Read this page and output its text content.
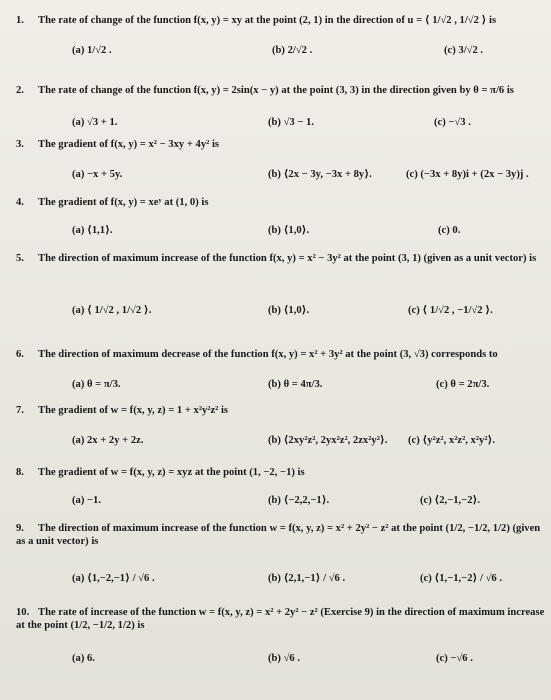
1. The rate of change of the function f(x, y) = xy at the point (2, 1) in the direction of u = ⟨ 1/√2 , 1/√2 ⟩ is
(a) 1/√2 .	(b) 2/√2 .	(c) 3/√2 .
2. The rate of change of the function f(x, y) = 2sin(x − y) at the point (3, 3) in the direction given by θ = π/6 is
(a) √3 + 1.	(b) √3 − 1.	(c) −√3 .
3. The gradient of f(x, y) = x² − 3xy + 4y² is
(a) −x + 5y.	(b) ⟨2x − 3y, −3x + 8y⟩.	(c) (−3x + 8y)i + (2x − 3y)j .
4. The gradient of f(x, y) = xeʸ at (1, 0) is
(a) ⟨1,1⟩.	(b) ⟨1,0⟩.	(c) 0.
5. The direction of maximum increase of the function f(x, y) = x² − 3y² at the point (3, 1) (given as a unit vector) is
(a) ⟨ 1/√2 , 1/√2 ⟩.	(b) ⟨1,0⟩.	(c) ⟨ 1/√2 , −1/√2 ⟩.
6. The direction of maximum decrease of the function f(x, y) = x² + 3y² at the point (3, √3) corresponds to
(a) θ = π/3.	(b) θ = 4π/3.	(c) θ = 2π/3.
7. The gradient of w = f(x, y, z) = 1 + x²y²z² is
(a) 2x + 2y + 2z.	(b) ⟨2xy²z², 2yx²z², 2zx²y²⟩. (c) ⟨y²z², x²z², x²y²⟩.
8. The gradient of w = f(x, y, z) = xyz at the point (1, −2, −1) is
(a) −1.	(b) ⟨−2,2,−1⟩.	(c) ⟨2,−1,−2⟩.
9. The direction of maximum increase of the function w = f(x, y, z) = x² + 2y² − z² at the point (1/2, −1/2, 1/2) (given as a unit vector) is
(a) ⟨1,−2,−1⟩ / √6 .	(b) ⟨2,1,−1⟩ / √6 .	(c) ⟨1,−1,−2⟩ / √6 .
10. The rate of increase of the function w = f(x, y, z) = x² + 2y² − z² (Exercise 9) in the direction of maximum increase at the point (1/2, −1/2, 1/2) is
(a) 6.	(b) √6 .	(c) −√6 .
